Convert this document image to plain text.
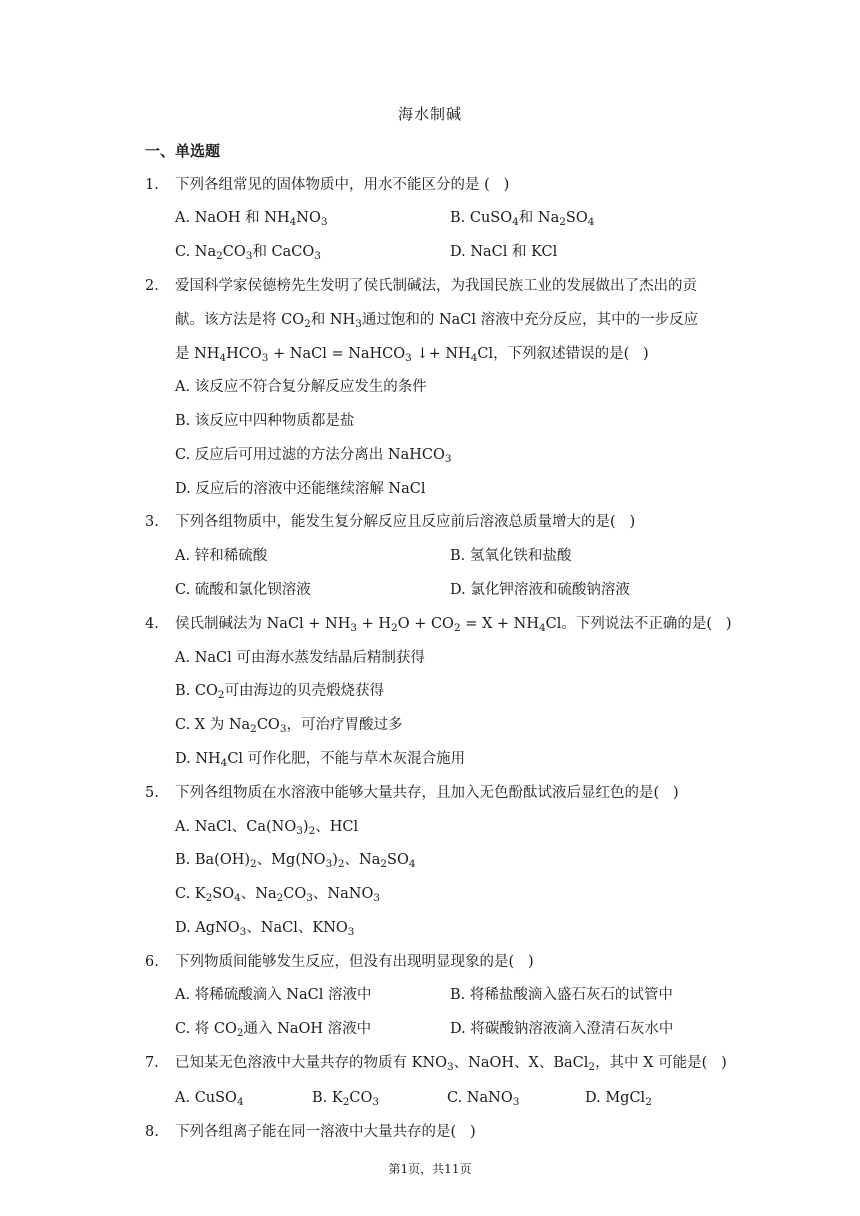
海水制碱
一、单选题
1. 下列各组常见的固体物质中，用水不能区分的是 (   )
A. NaOH 和 $NH_4NO_3$	B. CuSO$_4$和 $Na_2SO_4$
C. $Na_2CO_3$和 CaCO$_3$	D. NaCl 和 KCl
2. 爱国科学家侯德榜先生发明了侯氏制碱法，为我国民族工业的发展做出了杰出的贡
献。该方法是将 $CO_2$和 $NH_3$通过饱和的 NaCl 溶液中充分反应，其中的一步反应
是 $NH_4HCO_3$ + NaCl = NaHCO$_3$ ↓+ $NH_4Cl$，下列叙述错误的是(   )
A. 该反应不符合复分解反应发生的条件
B. 该反应中四种物质都是盐
C. 反应后可用过滤的方法分离出 NaHCO$_3$
D. 反应后的溶液中还能继续溶解 NaCl
3. 下列各组物质中，能发生复分解反应且反应前后溶液总质量增大的是(   )
A. 锌和稀硫酸	B. 氢氧化铁和盐酸
C. 硫酸和氯化钡溶液	D. 氯化钾溶液和硫酸钠溶液
4. 侯氏制碱法为 NaCl + $NH_3 + H_2O + CO_2 = X + NH_4Cl$。下列说法不正确的是(   )
A. NaCl 可由海水蒸发结晶后精制获得
B. $CO_2$可由海边的贝壳煅烧获得
C. X 为 $Na_2CO_3$，可治疗胃酸过多
D. $NH_4Cl$ 可作化肥，不能与草木灰混合施用
5. 下列各组物质在水溶液中能够大量共存，且加入无色酚酞试液后显红色的是(   )
A. NaCl、$Ca(NO_3)_2$、HCl
B. $Ba(OH)_2$、$Mg(NO_3)_2$、$Na_2SO_4$
C. $K_2SO_4$、$Na_2CO_3$、NaNO$_3$
D. AgNO$_3$、NaCl、$KNO_3$
6. 下列物质间能够发生反应，但没有出现明显现象的是(   )
A. 将稀硫酸滴入 NaCl 溶液中	B. 将稀盐酸滴入盛石灰石的试管中
C. 将 $CO_2$通入 NaOH 溶液中	D. 将碳酸钠溶液滴入澄清石灰水中
7. 已知某无色溶液中大量共存的物质有 $KNO_3$、NaOH、X、BaCl$_2$，其中 X 可能是(   )
A. CuSO$_4$	B. $K_2CO_3$	C. NaNO$_3$	D. MgCl$_2$
8. 下列各组离子能在同一溶液中大量共存的是(   )
第1页，共11页
